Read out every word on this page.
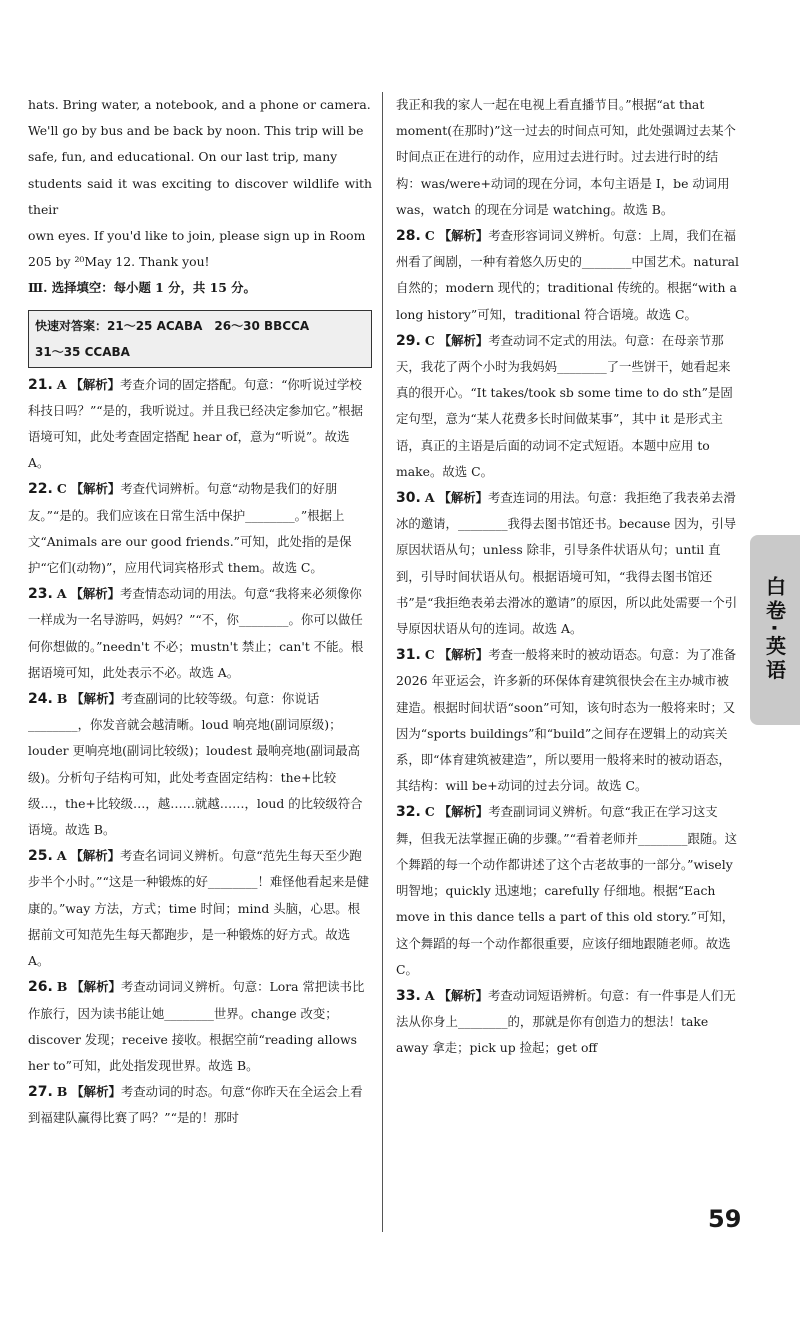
hats. Bring water, a notebook, and a phone or camera.

We'll go by bus and be back by noon. This trip will be

safe, fun, and educational. On our last trip, many

students said it was exciting to discover wildlife with their

own eyes. If you'd like to join, please sign up in Room

205 by ²⁰May 12. Thank you!

Ⅲ. 选择填空：每小题 1 分，共 15 分。

快速对答案：21～25 ACABA　26～30 BBCCA
31～35 CCABA

21. A 【解析】考查介词的固定搭配。句意：“你听说过学校科技日吗？”“是的，我听说过。并且我已经决定参加它。”根据语境可知，此处考查固定搭配 hear of，意为“听说”。故选 A。

22. C 【解析】考查代词辨析。句意“动物是我们的好朋友。”“是的。我们应该在日常生活中保护________。”根据上文“Animals are our good friends.”可知，此处指的是保护“它们(动物)”，应用代词宾格形式 them。故选 C。

23. A 【解析】考查情态动词的用法。句意“我将来必须像你一样成为一名导游吗，妈妈？”“不，你________。你可以做任何你想做的。”needn't 不必；mustn't 禁止；can't 不能。根据语境可知，此处表示不必。故选 A。

24. B 【解析】考查副词的比较等级。句意：你说话________，你发音就会越清晰。loud 响亮地(副词原级)；louder 更响亮地(副词比较级)；loudest 最响亮地(副词最高级)。分析句子结构可知，此处考查固定结构：the+比较级…，the+比较级…，越……就越……，loud 的比较级符合语境。故选 B。

25. A 【解析】考查名词词义辨析。句意“范先生每天至少跑步半个小时。”“这是一种锻炼的好________！难怪他看起来是健康的。”way 方法，方式；time 时间；mind 头脑，心思。根据前文可知范先生每天都跑步，是一种锻炼的好方式。故选 A。

26. B 【解析】考查动词词义辨析。句意：Lora 常把读书比作旅行，因为读书能让她________世界。change 改变；discover 发现；receive 接收。根据空前“reading allows her to”可知，此处指发现世界。故选 B。

27. B 【解析】考查动词的时态。句意“你昨天在全运会上看到福建队赢得比赛了吗？”“是的！那时

我正和我的家人一起在电视上看直播节目。”根据“at that moment(在那时)”这一过去的时间点可知，此处强调过去某个时间点正在进行的动作，应用过去进行时。过去进行时的结构：was/were+动词的现在分词，本句主语是 I，be 动词用 was，watch 的现在分词是 watching。故选 B。

28. C 【解析】考查形容词词义辨析。句意：上周，我们在福州看了闽剧，一种有着悠久历史的________中国艺术。natural 自然的；modern 现代的；traditional 传统的。根据“with a long history”可知，traditional 符合语境。故选 C。

29. C 【解析】考查动词不定式的用法。句意：在母亲节那天，我花了两个小时为我妈妈________了一些饼干，她看起来真的很开心。“It takes/took sb some time to do sth”是固定句型，意为“某人花费多长时间做某事”，其中 it 是形式主语，真正的主语是后面的动词不定式短语。本题中应用 to make。故选 C。

30. A 【解析】考查连词的用法。句意：我拒绝了我表弟去滑冰的邀请，________我得去图书馆还书。because 因为，引导原因状语从句；unless 除非，引导条件状语从句；until 直到，引导时间状语从句。根据语境可知，“我得去图书馆还书”是“我拒绝表弟去滑冰的邀请”的原因，所以此处需要一个引导原因状语从句的连词。故选 A。

31. C 【解析】考查一般将来时的被动语态。句意：为了准备 2026 年亚运会，许多新的环保体育建筑很快会在主办城市被建造。根据时间状语“soon”可知，该句时态为一般将来时；又因为“sports buildings”和“build”之间存在逻辑上的动宾关系，即“体育建筑被建造”，所以要用一般将来时的被动语态，其结构：will be+动词的过去分词。故选 C。

32. C 【解析】考查副词词义辨析。句意“我正在学习这支舞，但我无法掌握正确的步骤。”“看着老师并________跟随。这个舞蹈的每一个动作都讲述了这个古老故事的一部分。”wisely 明智地；quickly 迅速地；carefully 仔细地。根据“Each move in this dance tells a part of this old story.”可知，这个舞蹈的每一个动作都很重要，应该仔细地跟随老师。故选 C。

33. A 【解析】考查动词短语辨析。句意：有一件事是人们无法从你身上________的，那就是你有创造力的想法！take away 拿走；pick up 捡起；get off

白卷·英语
59
